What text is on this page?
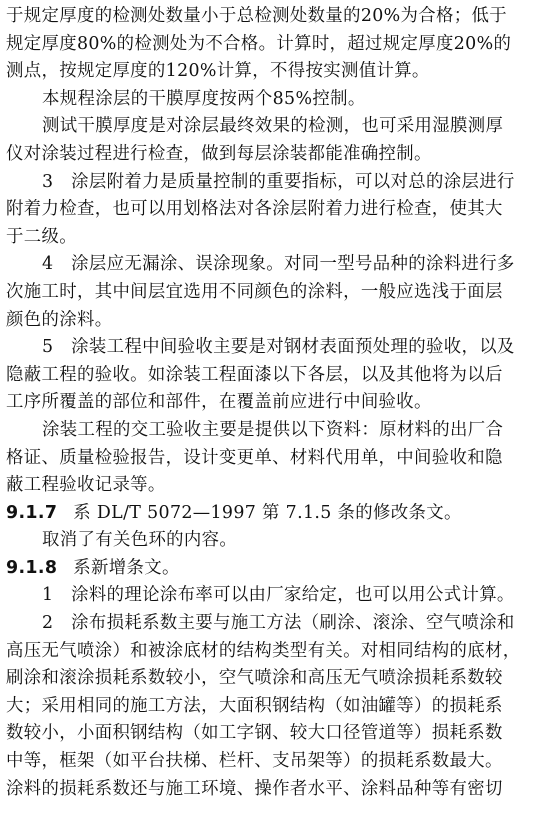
于规定厚度的检测处数量小于总检测处数量的20%为合格；低于
规定厚度80%的检测处为不合格。计算时，超过规定厚度20%的
测点，按规定厚度的120%计算，不得按实测值计算。
本规程涂层的干膜厚度按两个85%控制。
测试干膜厚度是对涂层最终效果的检测，也可采用湿膜测厚
仪对涂装过程进行检查，做到每层涂装都能准确控制。
3　涂层附着力是质量控制的重要指标，可以对总的涂层进行
附着力检查，也可以用划格法对各涂层附着力进行检查，使其大
于二级。
4　涂层应无漏涂、误涂现象。对同一型号品种的涂料进行多
次施工时，其中间层宜选用不同颜色的涂料，一般应选浅于面层
颜色的涂料。
5　涂装工程中间验收主要是对钢材表面预处理的验收，以及
隐蔽工程的验收。如涂装工程面漆以下各层，以及其他将为以后
工序所覆盖的部位和部件，在覆盖前应进行中间验收。
涂装工程的交工验收主要是提供以下资料：原材料的出厂合
格证、质量检验报告，设计变更单、材料代用单，中间验收和隐
蔽工程验收记录等。
9.1.7 系 DL/T 5072—1997 第 7.1.5 条的修改条文。
取消了有关色环的内容。
9.1.8 系新增条文。
1　涂料的理论涂布率可以由厂家给定，也可以用公式计算。
2　涂布损耗系数主要与施工方法（刷涂、滚涂、空气喷涂和
高压无气喷涂）和被涂底材的结构类型有关。对相同结构的底材，
刷涂和滚涂损耗系数较小，空气喷涂和高压无气喷涂损耗系数较
大；采用相同的施工方法，大面积钢结构（如油罐等）的损耗系
数较小，小面积钢结构（如工字钢、较大口径管道等）损耗系数
中等，框架（如平台扶梯、栏杆、支吊架等）的损耗系数最大。
涂料的损耗系数还与施工环境、操作者水平、涂料品种等有密切
